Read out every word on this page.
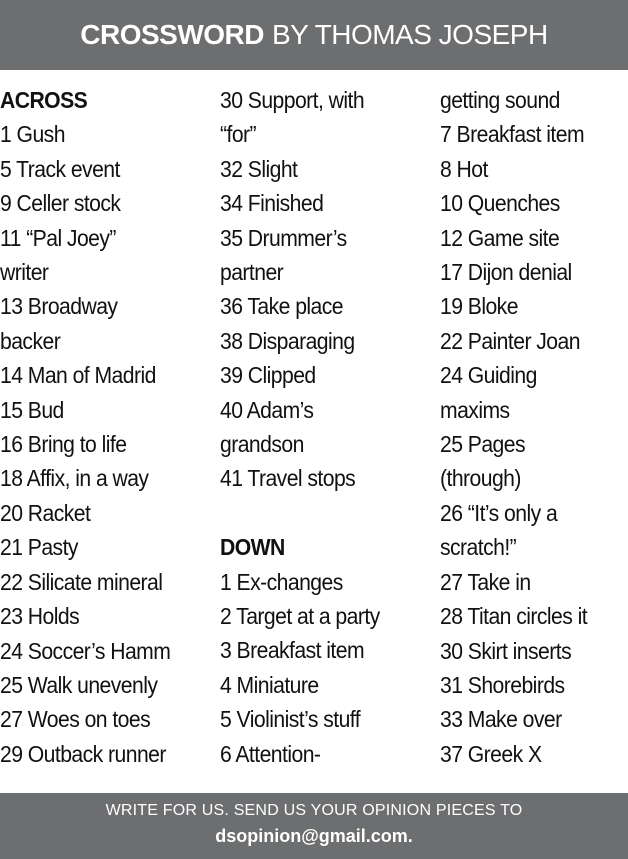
CROSSWORD BY THOMAS JOSEPH

ACROSS

1 Gush

5 Track event

9 Celler stock

11 “Pal Joey”

writer

13 Broadway

backer

14 Man of Madrid

15 Bud

16 Bring to life

18 Affix, in a way

20 Racket

21 Pasty

22 Silicate mineral

23 Holds

24 Soccer’s Hamm

25 Walk unevenly

27 Woes on toes

29 Outback runner

30 Support, with

“for”

32 Slight

34 Finished

35 Drummer’s

partner

36 Take place

38 Disparaging

39 Clipped

40 Adam’s

grandson

41 Travel stops

DOWN

1 Ex-changes

2 Target at a party

3 Breakfast item

4 Miniature

5 Violinist’s stuff

6 Attention-

getting sound

7 Breakfast item

8 Hot

10 Quenches

12 Game site

17 Dijon denial

19 Bloke

22 Painter Joan

24 Guiding

maxims

25 Pages

(through)

26 “It’s only a

scratch!”

27 Take in

28 Titan circles it

30 Skirt inserts

31 Shorebirds

33 Make over

37 Greek X

WRITE FOR US. SEND US YOUR OPINION PIECES TO
dsopinion@gmail.com.
